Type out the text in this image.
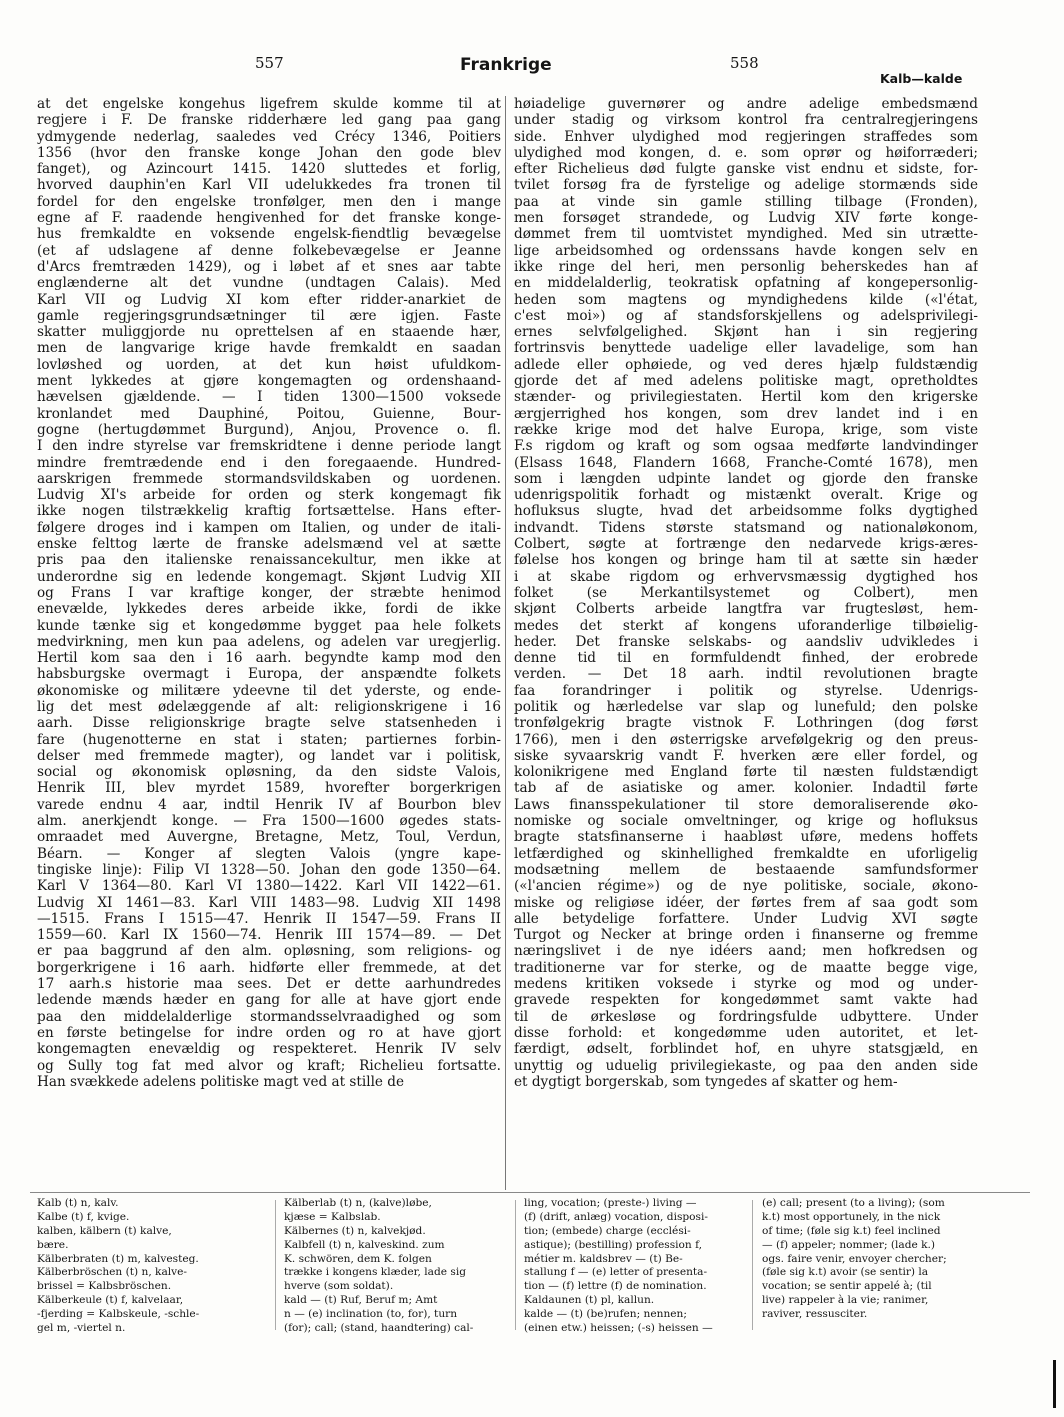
557	Frankrige	558
Kalb—kalde
at det engelske kongehus ligefrem skulde komme til at
regjere i F. De franske ridderhære led gang paa gang
ydmygende nederlag, saaledes ved Crécy 1346, Poitiers
1356 (hvor den franske konge Johan den gode blev
fanget), og Azincourt 1415. 1420 sluttedes et forlig,
hvorved dauphin'en Karl VII udelukkedes fra tronen til
fordel for den engelske tronfølger, men den i mange
egne af F. raadende hengivenhed for det franske konge-
hus fremkaldte en voksende engelsk-fiendtlig bevægelse
(et af udslagene af denne folkebevægelse er Jeanne
d'Arcs fremtræden 1429), og i løbet af et snes aar tabte
englænderne alt det vundne (undtagen Calais). Med
Karl VII og Ludvig XI kom efter ridder-anarkiet de
gamle regjeringsgrundsætninger til ære igjen. Faste
skatter muliggjorde nu oprettelsen af en staaende hær,
men de langvarige krige havde fremkaldt en saadan
lovløshed og uorden, at det kun høist ufuldkom-
ment lykkedes at gjøre kongemagten og ordenshaand-
hævelsen gjældende. — I tiden 1300—1500 voksede
kronlandet med Dauphiné, Poitou, Guienne, Bour-
gogne (hertugdømmet Burgund), Anjou, Provence o. fl.
I den indre styrelse var fremskridtene i denne periode langt
mindre fremtrædende end i den foregaaende. Hundred-
aarskrigen fremmede stormandsvildskaben og uordenen.
Ludvig XI's arbeide for orden og sterk kongemagt fik
ikke nogen tilstrækkelig kraftig fortsættelse. Hans efter-
følgere droges ind i kampen om Italien, og under de itali-
enske felttog lærte de franske adelsmænd vel at sætte
pris paa den italienske renaissancekultur, men ikke at
underordne sig en ledende kongemagt. Skjønt Ludvig XII
og Frans I var kraftige konger, der stræbte henimod
enevælde, lykkedes deres arbeide ikke, fordi de ikke
kunde tænke sig et kongedømme bygget paa hele folkets
medvirkning, men kun paa adelens, og adelen var uregjerlig.
Hertil kom saa den i 16 aarh. begyndte kamp mod den
habsburgske overmagt i Europa, der anspændte folkets
økonomiske og militære ydeevne til det yderste, og ende-
lig det mest ødelæggende af alt: religionskrigene i 16
aarh. Disse religionskrige bragte selve statsenheden i
fare (hugenotterne en stat i staten; partiernes forbin-
delser med fremmede magter), og landet var i politisk,
social og økonomisk opløsning, da den sidste Valois,
Henrik III, blev myrdet 1589, hvorefter borgerkrigen
varede endnu 4 aar, indtil Henrik IV af Bourbon blev
alm. anerkjendt konge. — Fra 1500—1600 øgedes stats-
omraadet med Auvergne, Bretagne, Metz, Toul, Verdun,
Béarn. — Konger af slegten Valois (yngre kape-
tingiske linje): Filip VI 1328—50. Johan den gode 1350—64.
Karl V 1364—80. Karl VI 1380—1422. Karl VII 1422—61.
Ludvig XI 1461—83. Karl VIII 1483—98. Ludvig XII 1498
—1515. Frans I 1515—47. Henrik II 1547—59. Frans II
1559—60. Karl IX 1560—74. Henrik III 1574—89. — Det
er paa baggrund af den alm. opløsning, som religions- og
borgerkrigene i 16 aarh. hidførte eller fremmede, at det
17 aarh.s historie maa sees. Det er dette aarhundredes
ledende mænds hæder en gang for alle at have gjort ende
paa den middelalderlige stormandsselvraadighed og som
en første betingelse for indre orden og ro at have gjort
kongemagten enevældig og respekteret. Henrik IV selv
og Sully tog fat med alvor og kraft; Richelieu fortsatte.
Han svækkede adelens politiske magt ved at stille de
høiadelige guvernører og andre adelige embedsmænd
under stadig og virksom kontrol fra centralregjeringens
side. Enhver ulydighed mod regjeringen straffedes som
ulydighed mod kongen, d. e. som oprør og høiforræderi;
efter Richelieus død fulgte ganske vist endnu et sidste, for-
tvilet forsøg fra de fyrstelige og adelige stormænds side
paa at vinde sin gamle stilling tilbage (Fronden),
men forsøget strandede, og Ludvig XIV førte konge-
dømmet frem til uomtvistet myndighed. Med sin utrætte-
lige arbeidsomhed og ordenssans havde kongen selv en
ikke ringe del heri, men personlig beherskedes han af
en middelalderlig, teokratisk opfatning af kongepersonlig-
heden som magtens og myndighedens kilde («l'état,
c'est moi») og af standsforskjellens og adelsprivilegi-
ernes selvfølgelighed. Skjønt han i sin regjering
fortrinsvis benyttede uadelige eller lavadelige, som han
adlede eller ophøiede, og ved deres hjælp fuldstændig
gjorde det af med adelens politiske magt, opretholdtes
stænder- og privilegiestaten. Hertil kom den krigerske
ærgjerrighed hos kongen, som drev landet ind i en
række krige mod det halve Europa, krige, som viste
F.s rigdom og kraft og som ogsaa medførte landvindinger
(Elsass 1648, Flandern 1668, Franche-Comté 1678), men
som i længden udpinte landet og gjorde den franske
udenrigspolitik forhadt og mistænkt overalt. Krige og
hofluksus slugte, hvad det arbeidsomme folks dygtighed
indvandt. Tidens største statsmand og nationaløkonom,
Colbert, søgte at fortrænge den nedarvede krigs-æres-
følelse hos kongen og bringe ham til at sætte sin hæder
i at skabe rigdom og erhvervsmæssig dygtighed hos
folket (se Merkantilsystemet og Colbert), men
skjønt Colberts arbeide langtfra var frugtesløst, hem-
medes det sterkt af kongens uforanderlige tilbøielig-
heder. Det franske selskabs- og aandsliv udvikledes i
denne tid til en formfuldendt finhed, der erobrede
verden. — Det 18 aarh. indtil revolutionen bragte
faa forandringer i politik og styrelse. Udenrigs-
politik og hærledelse var slap og lunefuld; den polske
tronfølgekrig bragte vistnok F. Lothringen (dog først
1766), men i den østerrigske arvefølgekrig og den preus-
siske syvaarskrig vandt F. hverken ære eller fordel, og
kolonikrigene med England førte til næsten fuldstændigt
tab af de asiatiske og amer. kolonier. Indadtil førte
Laws finansspekulationer til store demoraliserende øko-
nomiske og sociale omveltninger, og krige og hofluksus
bragte statsfinanserne i haabløst uføre, medens hoffets
letfærdighed og skinhellighed fremkaldte en uforligelig
modsætning mellem de bestaaende samfundsformer
(«l'ancien régime») og de nye politiske, sociale, økono-
miske og religiøse idéer, der førtes frem af saa godt som
alle betydelige forfattere. Under Ludvig XVI søgte
Turgot og Necker at bringe orden i finanserne og fremme
næringslivet i de nye idéers aand; men hofkredsen og
traditionerne var for sterke, og de maatte begge vige,
medens kritiken voksede i styrke og mod og under-
gravede respekten for kongedømmet samt vakte had
til de ørkesløse og fordringsfulde udbyttere. Under
disse forhold: et kongedømme uden autoritet, et let-
færdigt, ødselt, forblindet hof, en uhyre statsgjæld, en
unyttig og uduelig privilegiekaste, og paa den anden side
et dygtigt borgerskab, som tyngedes af skatter og hem-
Kalb (t) n, kalv.
Kalbe (t) f, kvige.
kalben, kälbern (t) kalve,
bære.
Kälberbraten (t) m, kalvesteg.
Kälberbröschen (t) n, kalve-
brissel = Kalbsbröschen.
Kälberkeule (t) f, kalvelaar,
-fjerding = Kalbskeule, -schle-
gel m, -viertel n.
Kälberlab (t) n, (kalve)løbe,
kjæse = Kalbslab.
Kälbernes (t) n, kalvekjød.
Kalbfell (t) n, kalveskind. zum
K. schwören, dem K. folgen
trække i kongens klæder, lade sig
hverve (som soldat).
kald — (t) Ruf, Beruf m; Amt
n — (e) inclination (to, for), turn
(for); call; (stand, haandtering) cal-
ling, vocation; (preste-) living —
(f) (drift, anlæg) vocation, disposi-
tion; (embede) charge (ecclési-
astique); (bestilling) profession f,
métier m. kaldsbrev — (t) Be-
stallung f — (e) letter of presenta-
tion — (f) lettre (f) de nomination.
Kaldaunen (t) pl, kallun.
kalde — (t) (be)rufen; nennen;
(einen etw.) heissen; (-s) heissen —
(e) call; present (to a living); (som
k.t) most opportunely, in the nick
of time; (føle sig k.t) feel inclined
— (f) appeler; nommer; (lade k.)
ogs. faire venir, envoyer chercher;
(føle sig k.t) avoir (se sentir) la
vocation; se sentir appelé à; (til
live) rappeler à la vie; ranimer,
raviver, ressusciter.
